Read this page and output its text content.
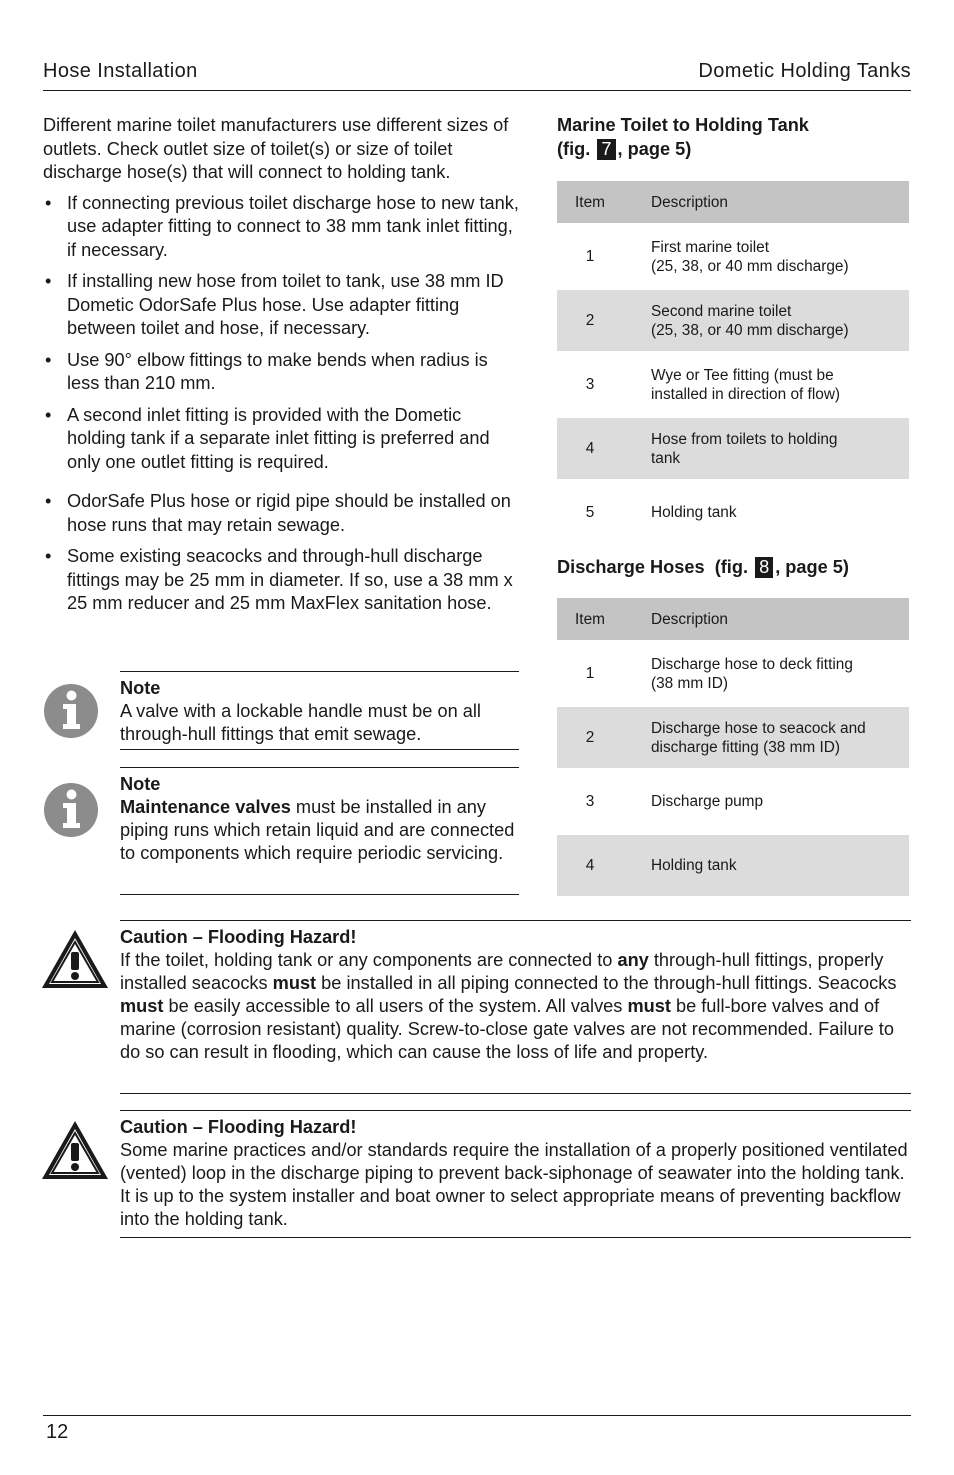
Hose Installation	Dometic Holding Tanks

Different marine toilet manufacturers use different sizes of outlets. Check outlet size of toilet(s) or size of toilet discharge hose(s) that will connect to holding tank.

• If connecting previous toilet discharge hose to new tank, use adapter fitting to connect to 38 mm tank inlet fitting, if necessary.
• If installing new hose from toilet to tank, use 38 mm ID Dometic OdorSafe Plus hose. Use adapter fitting between toilet and hose, if necessary.
• Use 90° elbow fittings to make bends when radius is less than 210 mm.
• A second inlet fitting is provided with the Dometic holding tank if a separate inlet fitting is preferred and only one outlet fitting is required.
• OdorSafe Plus hose or rigid pipe should be installed on hose runs that may retain sewage.
• Some existing seacocks and through-hull discharge fittings may be 25 mm in diameter. If so, use a 38 mm x 25 mm reducer and 25 mm MaxFlex sanitation hose.
Note
A valve with a lockable handle must be on all through-hull fittings that emit sewage.
Note
Maintenance valves must be installed in any piping runs which retain liquid and are connected to components which require periodic servicing.
Marine Toilet to Holding Tank
(fig. 7 , page 5)
Item	Description
1	First marine toilet
(25, 38, or 40 mm discharge)

2	Second marine toilet
(25, 38, or 40 mm discharge)

3	Wye or Tee fitting (must be
installed in direction of flow)

4	Hose from toilets to holding
tank

5	Holding tank
Discharge Hoses  (fig. 8 , page 5)
Item	Description
1	Discharge hose to deck fitting
(38 mm ID)

2	Discharge hose to seacock and
discharge fitting (38 mm ID)

3	Discharge pump

4	Holding tank
Caution – Flooding Hazard!
If the toilet, holding tank or any components are connected to any through-hull fittings, properly installed seacocks must be installed in all piping connected to the through-hull fittings. Seacocks must be easily accessible to all users of the system. All valves must be full-bore valves and of marine (corrosion resistant) quality. Screw-to-close gate valves are not recommended. Failure to do so can result in flooding, which can cause the loss of life and property.
Caution – Flooding Hazard!
Some marine practices and/or standards require the installation of a properly positioned ventilated (vented) loop in the discharge piping to prevent back-siphonage of seawater into the holding tank. It is up to the system installer and boat owner to select appropriate means of preventing backflow into the holding tank.
12
